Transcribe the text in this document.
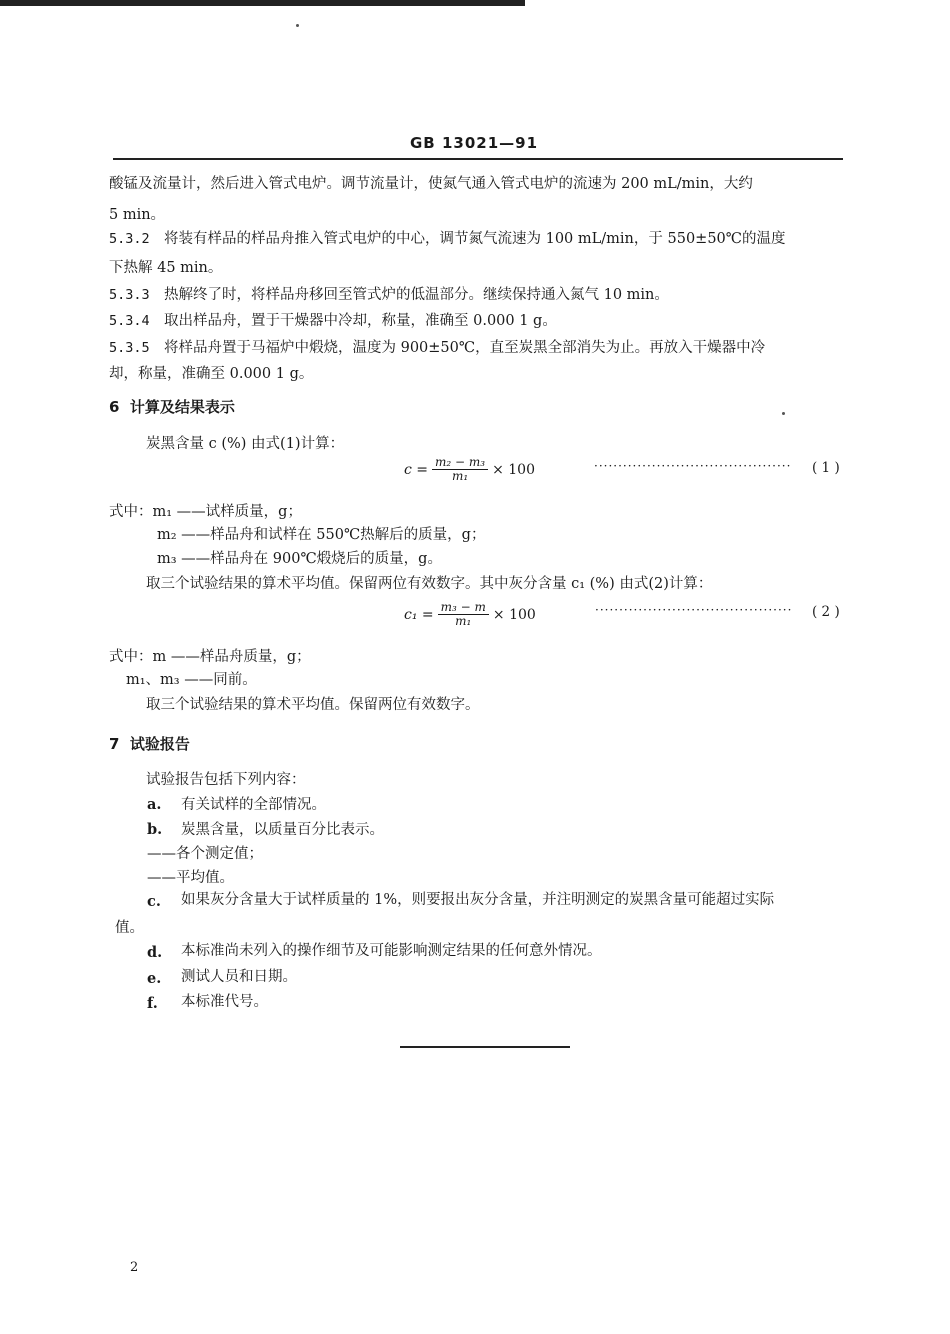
GB 13021—91
酸锰及流量计，然后进入管式电炉。调节流量计，使氮气通入管式电炉的流速为 200 mL/min，大约
5 min。
5.3.2 将装有样品的样品舟推入管式电炉的中心，调节氮气流速为 100 mL/min，于 550±50℃的温度
下热解 45 min。
5.3.3 热解终了时，将样品舟移回至管式炉的低温部分。继续保持通入氮气 10 min。
5.3.4 取出样品舟，置于干燥器中冷却，称量，准确至 0.000 1 g。
5.3.5 将样品舟置于马福炉中煅烧，温度为 900±50℃，直至炭黑全部消失为止。再放入干燥器中冷
却，称量，准确至 0.000 1 g。
6  计算及结果表示
炭黑含量 c (%) 由式(1)计算：
$c = \frac{\text{m₂ − m₃}}{\text{m₁}} \times 100$	········································· ( 1 )
式中：m₁ ——试样质量，g；
m₂ ——样品舟和试样在 550℃热解后的质量，g；
m₃ ——样品舟在 900℃煅烧后的质量，g。
取三个试验结果的算术平均值。保留两位有效数字。其中灰分含量 c₁ (%) 由式(2)计算：
$c_1 = \frac{\text{m₃ − m}}{\text{m₁}} \times 100$	········································· ( 2 )
式中：m ——样品舟质量，g；
m₁、m₃ ——同前。
取三个试验结果的算术平均值。保留两位有效数字。
7  试验报告
试验报告包括下列内容：
a. 有关试样的全部情况。
b. 炭黑含量，以质量百分比表示。
——各个测定值；
——平均值。
c. 如果灰分含量大于试样质量的 1%，则要报出灰分含量，并注明测定的炭黑含量可能超过实际
值。
d. 本标准尚未列入的操作细节及可能影响测定结果的任何意外情况。
e. 测试人员和日期。
f. 本标准代号。
2
